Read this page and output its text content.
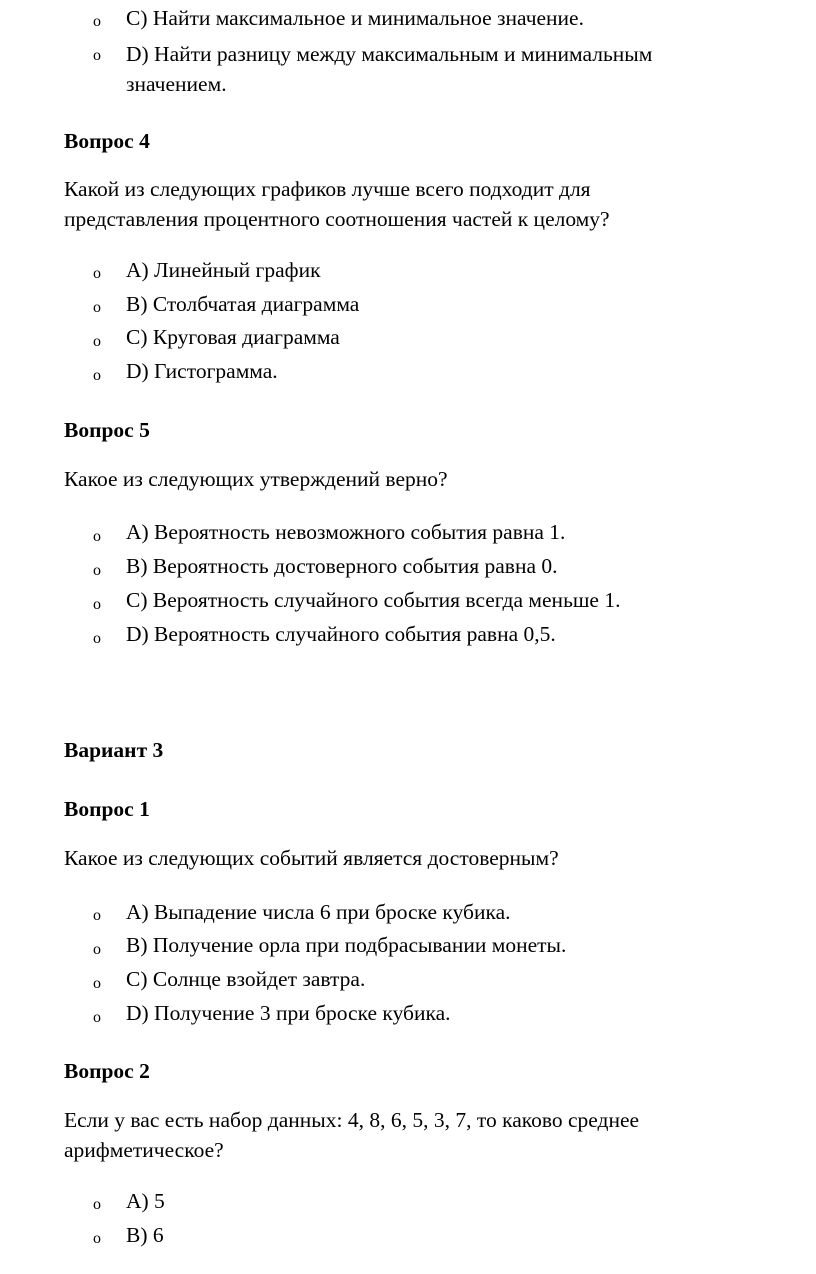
o C) Найти максимальное и минимальное значение.
o D) Найти разницу между максимальным и минимальным значением.
Вопрос 4
Какой из следующих графиков лучше всего подходит для представления процентного соотношения частей к целому?
o A) Линейный график
o B) Столбчатая диаграмма
o C) Круговая диаграмма
o D) Гистограмма.
Вопрос 5
Какое из следующих утверждений верно?
o A) Вероятность невозможного события равна 1.
o B) Вероятность достоверного события равна 0.
o C) Вероятность случайного события всегда меньше 1.
o D) Вероятность случайного события равна 0,5.
Вариант 3
Вопрос 1
Какое из следующих событий является достоверным?
o A) Выпадение числа 6 при броске кубика.
o B) Получение орла при подбрасывании монеты.
o C) Солнце взойдет завтра.
o D) Получение 3 при броске кубика.
Вопрос 2
Если у вас есть набор данных: 4, 8, 6, 5, 3, 7, то каково среднее арифметическое?
o A) 5
o B) 6
